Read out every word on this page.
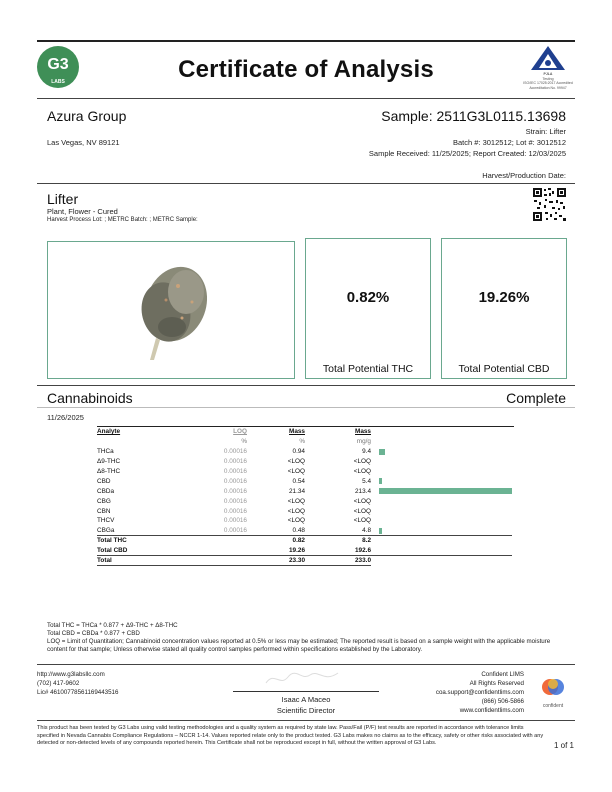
LABS
G3	Certificate of Analysis	PJLA
Testing
ISO/IEC 17025:2017 Accredited
Accreditation No. 99947
Azura Group
Las Vegas, NV 89121
Sample: 2511G3L0115.13698
Strain: Lifter
Batch #: 3012512; Lot #: 3012512
Sample Received: 11/25/2025; Report Created: 12/03/2025
Harvest/Production Date:
Lifter
Plant, Flower - Cured
Harvest Process Lot: ; METRC Batch: ; METRC Sample:
0.82%
Total Potential THC
19.26%
Total Potential CBD
Cannabinoids	Complete
11/26/2025
Analyte	LOQ	Mass	Mass	
	%	%	mg/g	
THCa	0.00016	0.94	9.4	

Δ9-THC	0.00016	<LOQ	<LOQ	
Δ8-THC	0.00016	<LOQ	<LOQ	
CBD	0.00016	0.54	5.4	

CBDa	0.00016	21.34	213.4	

CBG	0.00016	<LOQ	<LOQ	
CBN	0.00016	<LOQ	<LOQ	
THCV	0.00016	<LOQ	<LOQ	
CBGa	0.00016	0.48	4.8	

Total THC		0.82	8.2	
Total CBD		19.26	192.6	
Total		23.30	233.0	
Total THC = THCa * 0.877 + Δ9-THC + Δ8-THC
Total CBD = CBDa * 0.877 + CBD
LOQ = Limit of Quantitation; Cannabinoid concentration values reported at 0.5% or less may be estimated; The reported result is based on a sample weight with the applicable moisture content for that sample; Unless otherwise stated all quality control samples performed within specifications established by the Laboratory.
http://www.g3labsllc.com
(702) 417-9602
Lic# 46100778561169443516
Isaac A Maceo
Scientific Director
Confident LIMS
All Rights Reserved
coa.support@confidentlims.com
(866) 506-5866
www.confidentlims.com
confident
This product has been tested by G3 Labs using valid testing methodologies and a quality system as required by state law. Pass/Fail (P/F) test results are reported in accordance with tolerance limits specified in Nevada Cannabis Compliance Regulations – NCCR 1-14. Values reported relate only to the product tested. G3 Labs makes no claims as to the efficacy, safety or other risks associated with any detected or non-detected levels of any compounds reported herein. This Certificate shall not be reproduced except in full, without the written approval of G3 Labs.	1 of 1
